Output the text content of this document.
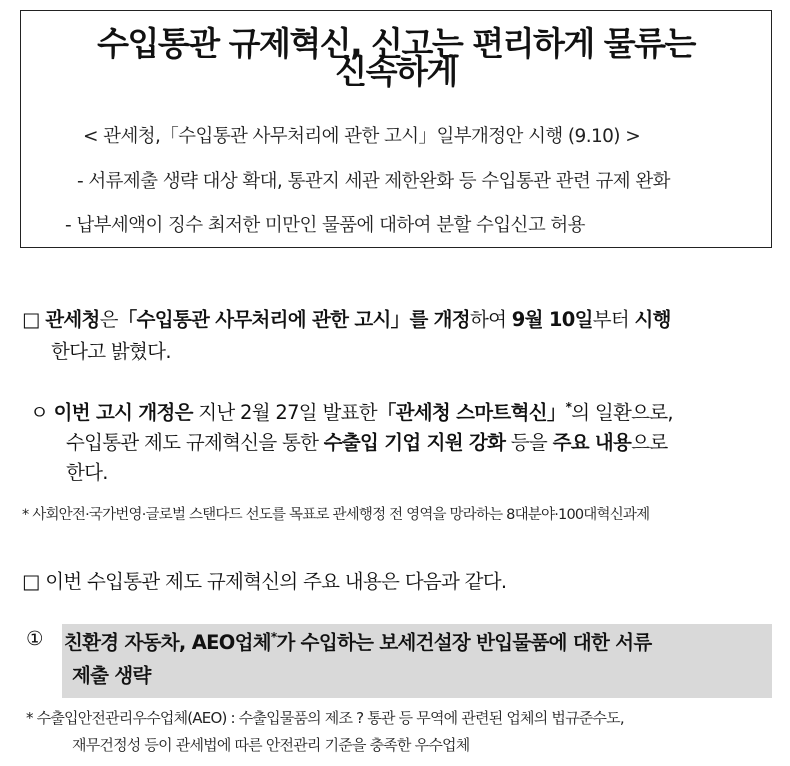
수입통관 규제혁신, 신고는 편리하게 물류는
신속하게
< 관세청,「수입통관 사무처리에 관한 고시」일부개정안 시행 (9.10) >
- 서류제출 생략 대상 확대, 통관지 세관 제한완화 등 수입통관 관련 규제 완화
- 납부세액이 징수 최저한 미만인 물품에 대하여 분할 수입신고 허용
□ 관세청은「수입통관 사무처리에 관한 고시」를 개정하여 9월 10일부터 시행
한다고 밝혔다.
ㅇ 이번 고시 개정은 지난 2월 27일 발표한「관세청 스마트혁신」*의 일환으로,
수입통관 제도 규제혁신을 통한 수출입 기업 지원 강화 등을 주요 내용으로
한다.
* 사회안전·국가번영·글로벌 스탠다드 선도를 목표로 관세행정 전 영역을 망라하는 8대분야·100대혁신과제
□ 이번 수입통관 제도 규제혁신의 주요 내용은 다음과 같다.
① 친환경 자동차, AEO업체*가 수입하는 보세건설장 반입물품에 대한 서류
제출 생략
* 수출입안전관리우수업체(AEO) : 수출입물품의 제조 ? 통관 등 무역에 관련된 업체의 법규준수도,
재무건정성 등이 관세법에 따른 안전관리 기준을 충족한 우수업체
